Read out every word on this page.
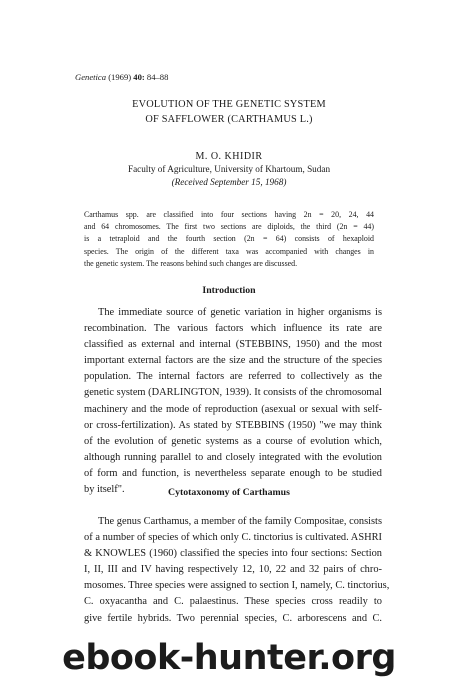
Genetica (1969) 40: 84–88
EVOLUTION OF THE GENETIC SYSTEM
OF SAFFLOWER (CARTHAMUS L.)
M. O. KHIDIR
Faculty of Agriculture, University of Khartoum, Sudan
(Received September 15, 1968)
Carthamus spp. are classified into four sections having 2n = 20, 24, 44
and 64 chromosomes. The first two sections are diploids, the third (2n = 44)
is a tetraploid and the fourth section (2n = 64) consists of hexaploid
species. The origin of the different taxa was accompanied with changes in
the genetic system. The reasons behind such changes are discussed.
Introduction
The immediate source of genetic variation in higher organisms is
recombination. The various factors which influence its rate are
classified as external and internal (STEBBINS, 1950) and the most
important external factors are the size and the structure of the species
population. The internal factors are referred to collectively as the
genetic system (DARLINGTON, 1939). It consists of the chromosomal
machinery and the mode of reproduction (asexual or sexual with self-
or cross-fertilization). As stated by STEBBINS (1950) "we may think
of the evolution of genetic systems as a course of evolution which,
although running parallel to and closely integrated with the evolution
of form and function, is nevertheless separate enough to be studied
by itself".	Cytotaxonomy of Carthamus
The genus Carthamus, a member of the family Compositae, consists
of a number of species of which only C. tinctorius is cultivated. ASHRI
& KNOWLES (1960) classified the species into four sections: Section
I, II, III and IV having respectively 12, 10, 22 and 32 pairs of chro-
mosomes. Three species were assigned to section I, namely, C. tinctorius,
C. oxyacantha and C. palaestinus. These species cross readily to
give fertile hybrids. Two perennial species, C. arborescens and C.
ebook-hunter.org
